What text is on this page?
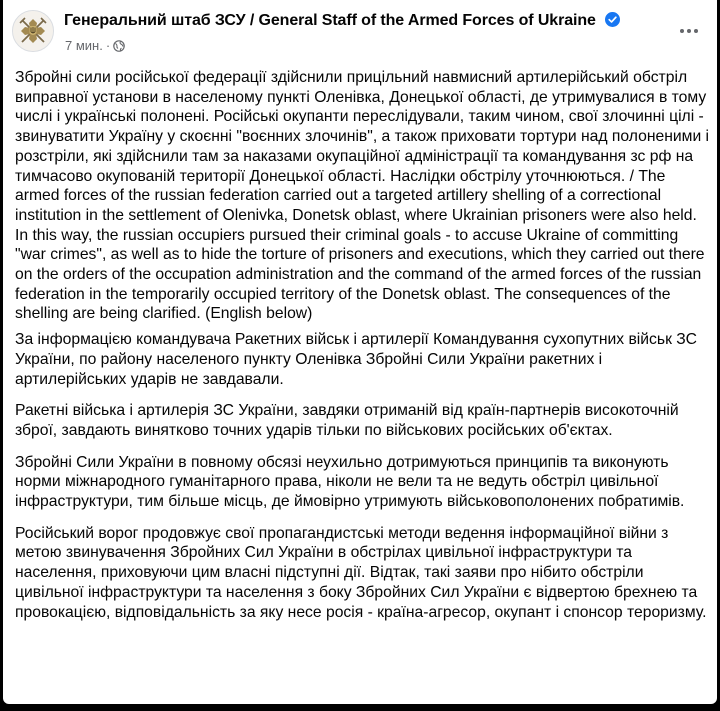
Генеральний штаб ЗСУ / General Staff of the Armed Forces of Ukraine
7 мин. ·

Збройні сили російської федерації здійснили прицільний навмисний артилерійський обстріл виправної установи в населеному пункті Оленівка, Донецької області, де утримувалися в тому числі і українські полонені. Російські окупанти переслідували, таким чином, свої злочинні цілі - звинуватити Україну у скоєнні "воєнних злочинів", а також приховати тортури над полоненими і розстріли, які здійснили там за наказами окупаційної адміністрації та командування зс рф на тимчасово окупованій території Донецької області. Наслідки обстрілу уточнюються. / The armed forces of the russian federation carried out a targeted artillery shelling of a correctional institution in the settlement of Olenivka, Donetsk oblast, where Ukrainian prisoners were also held. In this way, the russian occupiers pursued their criminal goals - to accuse Ukraine of committing "war crimes", as well as to hide the torture of prisoners and executions, which they carried out there on the orders of the occupation administration and the command of the armed forces of the russian federation in the temporarily occupied territory of the Donetsk oblast. The consequences of the shelling are being clarified. (English below)

За інформацією командувача Ракетних військ і артилерії Командування сухопутних військ ЗС України, по району населеного пункту Оленівка Збройні Сили України ракетних і артилерійських ударів не завдавали.

Ракетні війська і артилерія ЗС України, завдяки отриманій від країн-партнерів високоточній зброї, завдають винятково точних ударів тільки по військових російських об'єктах.

Збройні Сили України в повному обсязі неухильно дотримуються принципів та виконують норми міжнародного гуманітарного права, ніколи не вели та не ведуть обстріл цивільної інфраструктури, тим більше місць, де ймовірно утримують військовополонених побратимів.

Російський ворог продовжує свої пропагандистські методи ведення інформаційної війни з метою звинувачення Збройних Сил України в обстрілах цивільної інфраструктури та населення, приховуючи цим власні підступні дії. Відтак, такі заяви про нібито обстріли цивільної інфраструктури та населення з боку Збройних Сил України є відвертою брехнею та провокацією, відповідальність за яку несе росія - країна-агресор, окупант і спонсор тероризму.
